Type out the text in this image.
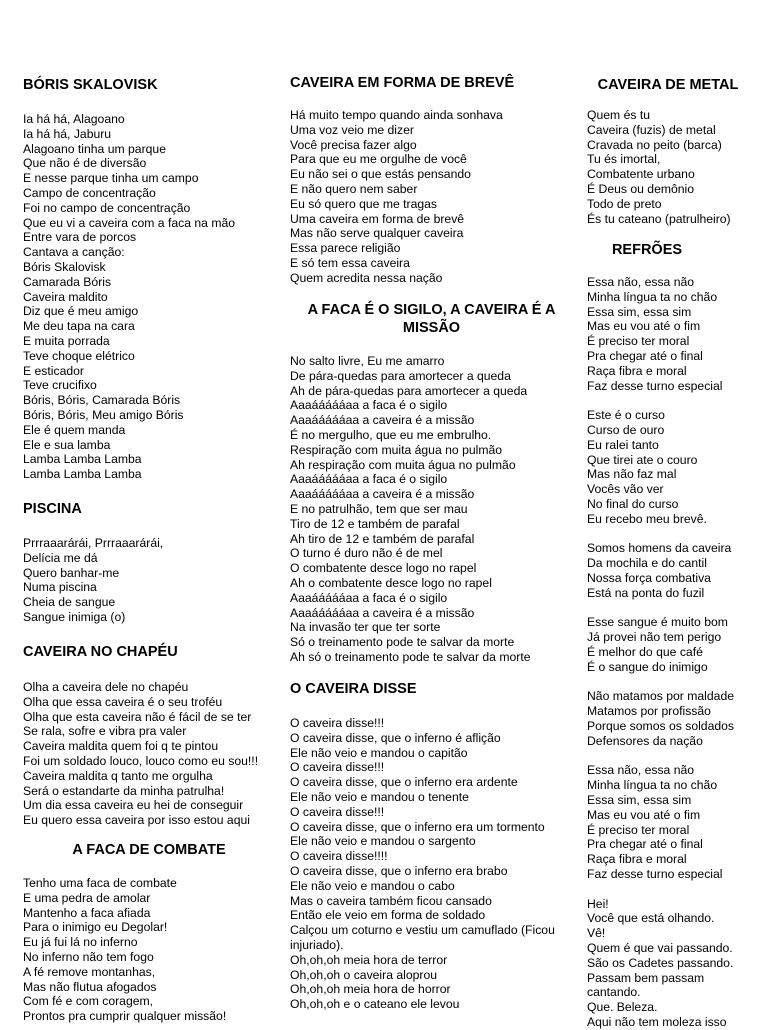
BÓRIS SKALOVISK
Ia há há, Alagoano
Ia há há, Jaburu
Alagoano tinha um parque
Que não é de diversão
E nesse parque tinha um campo
Campo de concentração
Foi no campo de concentração
Que eu vi a caveira com a faca na mão
Entre vara de porcos
Cantava a canção:
Bóris Skalovisk
Camarada Bóris
Caveira maldito
Diz que é meu amigo
Me deu tapa na cara
E muita porrada
Teve choque elétrico
E esticador
Teve crucifixo
Bóris, Bóris, Camarada Bóris
Bóris, Bóris, Meu amigo Bóris
Ele é quem manda
Ele e sua lamba
Lamba Lamba Lamba
Lamba Lamba Lamba
PISCINA
Prrraaarárái, Prrraaarárái,
Delícia me dá
Quero banhar-me
Numa piscina
Cheia de sangue
Sangue inimiga (o)
CAVEIRA NO CHAPÉU
Olha a caveira dele no chapéu
Olha que essa caveira é o seu troféu
Olha que esta caveira não é fácil de se ter
Se rala, sofre e vibra pra valer
Caveira maldita quem foi q te pintou
Foi um soldado louco, louco como eu sou!!!
Caveira maldita q tanto me orgulha
Será o estandarte da minha patrulha!
Um dia essa caveira eu hei de conseguir
Eu quero essa caveira por isso estou aqui
A FACA DE COMBATE
Tenho uma faca de combate
E uma pedra de amolar
Mantenho a faca afiada
Para o inimigo eu Degolar!
Eu já fui lá no inferno
No inferno não tem fogo
A fé remove montanhas,
Mas não flutua afogados
Com fé e com coragem,
Prontos pra cumprir qualquer missão!
CAVEIRA EM FORMA DE BREVÊ
Há muito tempo quando ainda sonhava
Uma voz veio me dizer
Você precisa fazer algo
Para que eu me orgulhe de você
Eu não sei o que estás pensando
E não quero nem saber
Eu só quero que me tragas
Uma caveira em forma de brevê
Mas não serve qualquer caveira
Essa parece religião
E só tem essa caveira
Quem acredita nessa nação
A FACA É O SIGILO, A CAVEIRA É A MISSÃO
No salto livre, Eu me amarro
De pára-quedas para amortecer a queda
Ah de pára-quedas para amortecer a queda
Aaaáááááaa a faca é o sigilo
Aaaáááááaa a caveira é a missão
É no mergulho, que eu me embrulho.
Respiração com muita água no pulmão
Ah respiração com muita água no pulmão
Aaaáááááaa a faca é o sigilo
Aaaáááááaa a caveira é a missão
E no patrulhão, tem que ser mau
Tiro de 12 e também de parafal
Ah tiro de 12 e também de parafal
O turno é duro não é de mel
O combatente desce logo no rapel
Ah o combatente desce logo no rapel
Aaaáááááaa a faca é o sigilo
Aaaáááááaa a caveira é a missão
Na invasão ter que ter sorte
Só o treinamento pode te salvar da morte
Ah só o treinamento pode te salvar da morte
O CAVEIRA DISSE
O caveira disse!!!
O caveira disse, que o inferno é aflição
Ele não veio e mandou o capitão
O caveira disse!!!
O caveira disse, que o inferno era ardente
Ele não veio e mandou o tenente
O caveira disse!!!
O caveira disse, que o inferno era um tormento
Ele não veio e mandou o sargento
O caveira disse!!!!
O caveira disse, que o inferno era brabo
Ele não veio e mandou o cabo
Mas o caveira também ficou cansado
Então ele veio em forma de soldado
Calçou um coturno e vestiu um camuflado (Ficou
injuriado).
Oh,oh,oh meia hora de terror
Oh,oh,oh o caveira aloprou
Oh,oh,oh meia hora de horror
Oh,oh,oh e o cateano ele levou
CAVEIRA DE METAL
Quem és tu
Caveira (fuzis) de metal
Cravada no peito (barca)
Tu és imortal,
Combatente urbano
É Deus ou demônio
Todo de preto
És tu cateano (patrulheiro)
REFRÕES
Essa não, essa não
Minha língua ta no chão
Essa sim, essa sim
Mas eu vou até o fim
É preciso ter moral
Pra chegar até o final
Raça fibra e moral
Faz desse turno especial
Este é o curso
Curso de ouro
Eu ralei tanto
Que tirei ate o couro
Mas não faz mal
Vocês vão ver
No final do curso
Eu recebo meu brevê.
Somos homens da caveira
Da mochila e do cantil
Nossa força combativa
Está na ponta do fuzil
Esse sangue é muito bom
Já provei não tem perigo
É melhor do que café
É o sangue do inimigo
Não matamos por maldade
Matamos por profissão
Porque somos os soldados
Defensores da nação
Essa não, essa não
Minha língua ta no chão
Essa sim, essa sim
Mas eu vou até o fim
É preciso ter moral
Pra chegar até o final
Raça fibra e moral
Faz desse turno especial
Hei!
Você que está olhando.
Vê!
Quem é que vai passando.
São os Cadetes passando.
Passam bem passam
cantando.
Que. Beleza.
Aqui não tem moleza isso
